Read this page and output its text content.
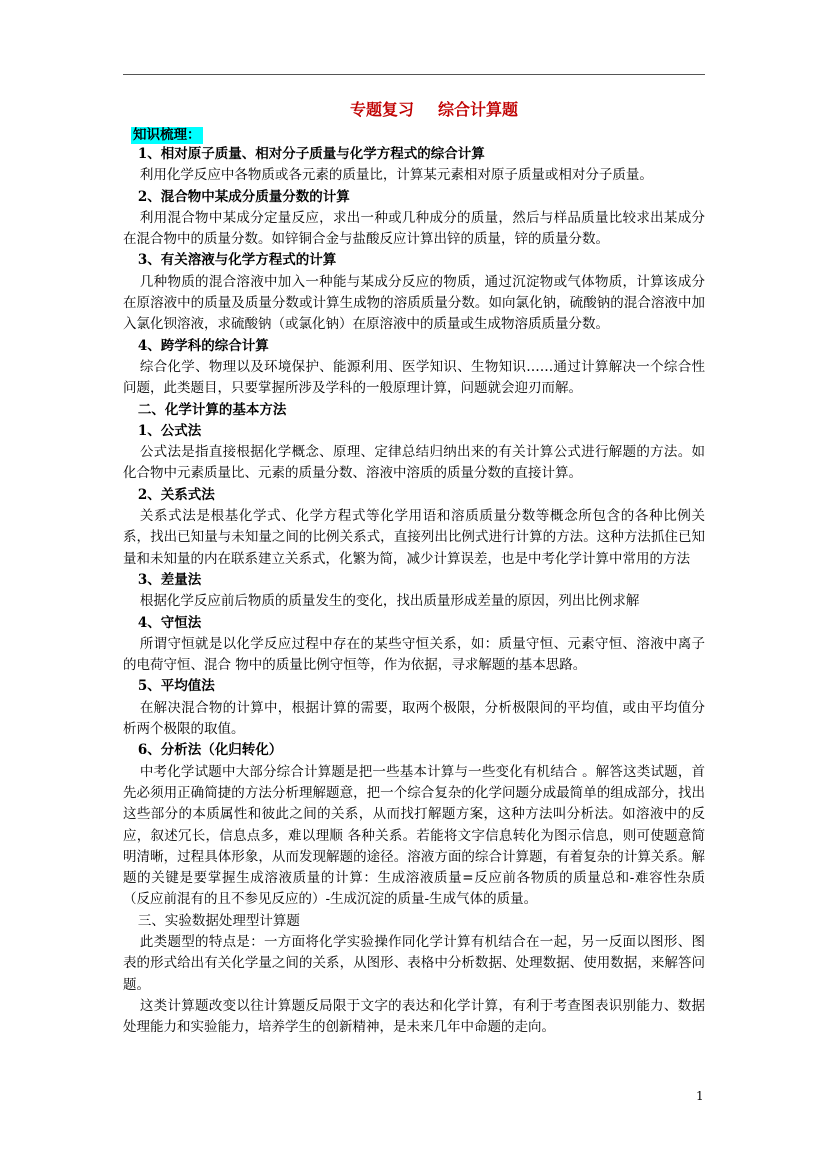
专题复习 综合计算题
知识梳理：

1、相对原子质量、相对分子质量与化学方程式的综合计算

利用化学反应中各物质或各元素的质量比，计算某元素相对原子质量或相对分子质量。

2、混合物中某成分质量分数的计算

利用混合物中某成分定量反应，求出一种或几种成分的质量，然后与样品质量比较求出某成分在混合物中的质量分数。如锌铜合金与盐酸反应计算出锌的质量，锌的质量分数。

3、有关溶液与化学方程式的计算

几种物质的混合溶液中加入一种能与某成分反应的物质，通过沉淀物或气体物质，计算该成分在原溶液中的质量及质量分数或计算生成物的溶质质量分数。如向氯化钠，硫酸钠的混合溶液中加入氯化钡溶液，求硫酸钠（或氯化钠）在原溶液中的质量或生成物溶质质量分数。

4、跨学科的综合计算

综合化学、物理以及环境保护、能源利用、医学知识、生物知识……通过计算解决一个综合性问题，此类题目，只要掌握所涉及学科的一般原理计算，问题就会迎刃而解。

二、化学计算的基本方法

1、公式法

公式法是指直接根据化学概念、原理、定律总结归纳出来的有关计算公式进行解题的方法。如化合物中元素质量比、元素的质量分数、溶液中溶质的质量分数的直接计算。

2、关系式法

关系式法是根基化学式、化学方程式等化学用语和溶质质量分数等概念所包含的各种比例关系，找出已知量与未知量之间的比例关系式，直接列出比例式进行计算的方法。这种方法抓住已知量和未知量的内在联系建立关系式，化繁为简，减少计算误差，也是中考化学计算中常用的方法

3、差量法

根据化学反应前后物质的质量发生的变化，找出质量形成差量的原因，列出比例求解

4、守恒法

所谓守恒就是以化学反应过程中存在的某些守恒关系，如：质量守恒、元素守恒、溶液中离子的电荷守恒、混合 物中的质量比例守恒等，作为依据，寻求解题的基本思路。

5、平均值法

在解决混合物的计算中，根据计算的需要，取两个极限，分析极限间的平均值，或由平均值分析两个极限的取值。

6、分析法（化归转化）

中考化学试题中大部分综合计算题是把一些基本计算与一些变化有机结合 。解答这类试题，首先必须用正确简捷的方法分析理解题意，把一个综合复杂的化学问题分成最简单的组成部分，找出这些部分的本质属性和彼此之间的关系，从而找打解题方案，这种方法叫分析法。如溶液中的反应，叙述冗长，信息点多，难以理顺 各种关系。若能将文字信息转化为图示信息，则可使题意简明清晰，过程具体形象，从而发现解题的途径。溶液方面的综合计算题，有着复杂的计算关系。解题的关键是要掌握生成溶液质量的计算：生成溶液质量=反应前各物质的质量总和-难容性杂质（反应前混有的且不参见反应的）-生成沉淀的质量-生成气体的质量。

三、实验数据处理型计算题

此类题型的特点是：一方面将化学实验操作同化学计算有机结合在一起，另一反面以图形、图表的形式给出有关化学量之间的关系，从图形、表格中分析数据、处理数据、使用数据，来解答问题。

这类计算题改变以往计算题反局限于文字的表达和化学计算，有利于考查图表识别能力、数据处理能力和实验能力，培养学生的创新精神，是未来几年中命题的走向。

1
